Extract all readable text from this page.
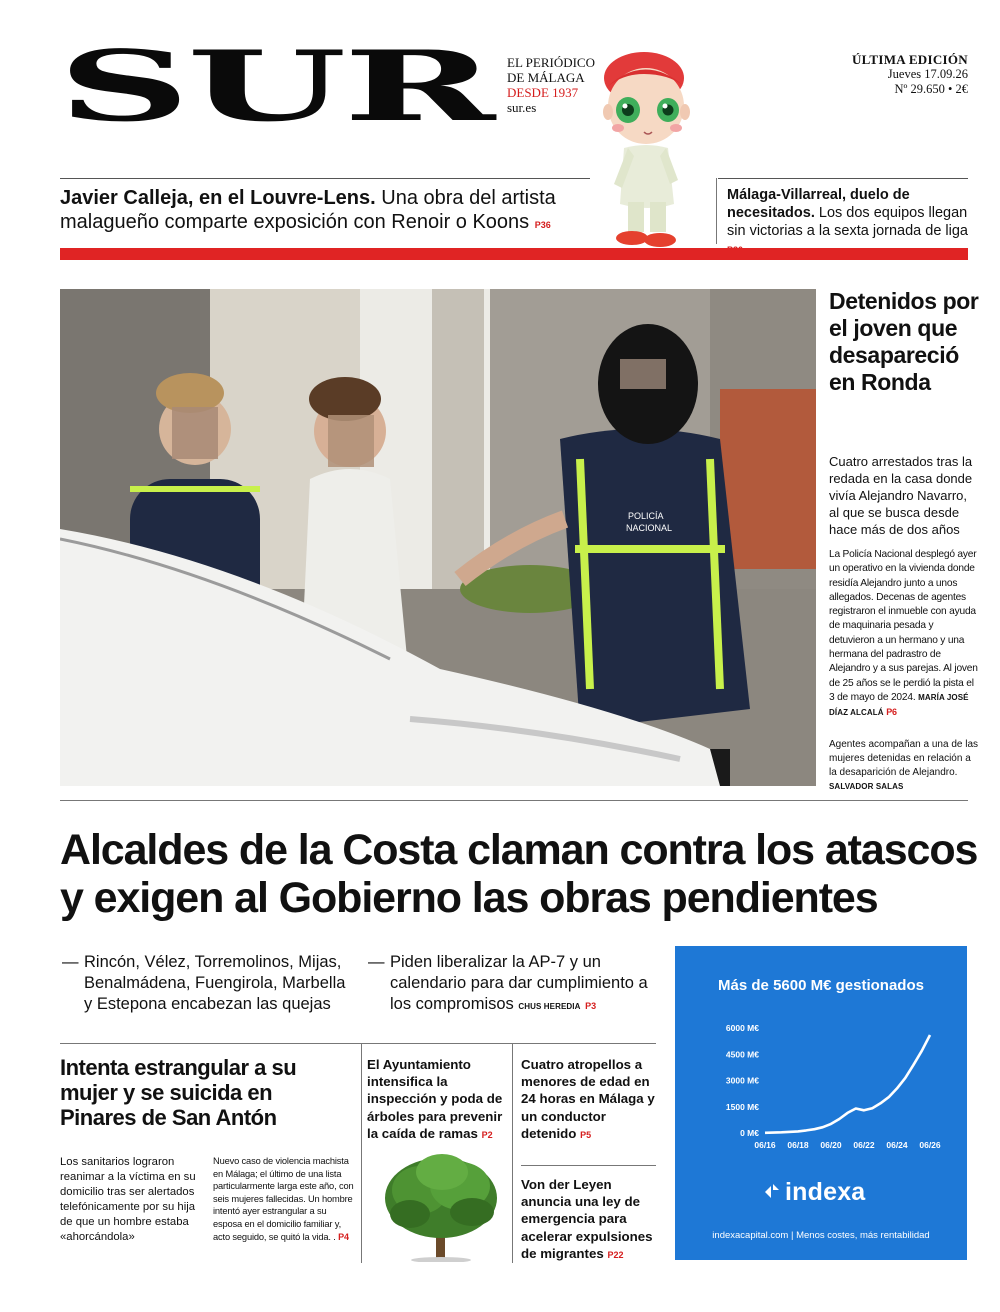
SUR EL PERIÓDICO
DE MÁLAGA
DESDE 1937
sur.es
ÚLTIMA EDICIÓN
Jueves 17.09.26
Nº 29.650 • 2€
Javier Calleja, en el Louvre-Lens. Una obra del artista malagueño comparte exposición con Renoir o Koons P36
Málaga-Villarreal, duelo de necesitados. Los dos equipos llegan sin victorias a la sexta jornada de liga
POLICÍA
NACIONAL
Detenidos por el joven que desapareció en Ronda
Cuatro arrestados tras la redada en la casa donde vivía Alejandro Navarro, al que se busca desde hace más de dos años
La Policía Nacional desplegó ayer un operativo en la vivienda donde residía Alejandro junto a unos allegados. Decenas de agentes registraron el inmueble con ayuda de maquinaria pesada y detuvieron a un hermano y una hermana del padrastro de Alejandro y a sus parejas. Al joven de 25 años se le perdió la pista el 3 de mayo de 2024. MARÍA JOSÉ DÍAZ ALCALÁ P6
Agentes acompañan a una de las mujeres detenidas en relación a la desaparición de Alejandro. SALVADOR SALAS
Alcaldes de la Costa claman contra los atascos y exigen al Gobierno las obras pendientes
— Rincón, Vélez, Torremolinos, Mijas, Benalmádena, Fuengirola, Marbella y Estepona encabezan las quejas
— Piden liberalizar la AP-7 y un calendario para dar cumplimiento a los compromisos CHUS HEREDIA P3
Más de 5600 M€ gestionados
0 M€
1500 M€
3000 M€
4500 M€
6000 M€
06/16 06/18 06/20 06/22 06/24 06/26
indexa
indexacapital.com | Menos costes, más rentabilidad
Intenta estrangular a su mujer y se suicida en Pinares de San Antón
Los sanitarios lograron reanimar a la víctima en su domicilio tras ser alertados telefónicamente por su hija de que un hombre estaba «ahorcándola»
Nuevo caso de violencia machista en Málaga; el último de una lista particularmente larga este año, con seis mujeres fallecidas. Un hombre intentó ayer estrangular a su esposa en el domicilio familiar y, acto seguido, se quitó la vida. . P4
El Ayuntamiento intensifica la inspección y poda de árboles para prevenir la caída de ramas P2
Cuatro atropellos a menores de edad en 24 horas en Málaga y un conductor detenido P5
Von der Leyen anuncia una ley de emergencia para acelerar expulsiones de migrantes P22
